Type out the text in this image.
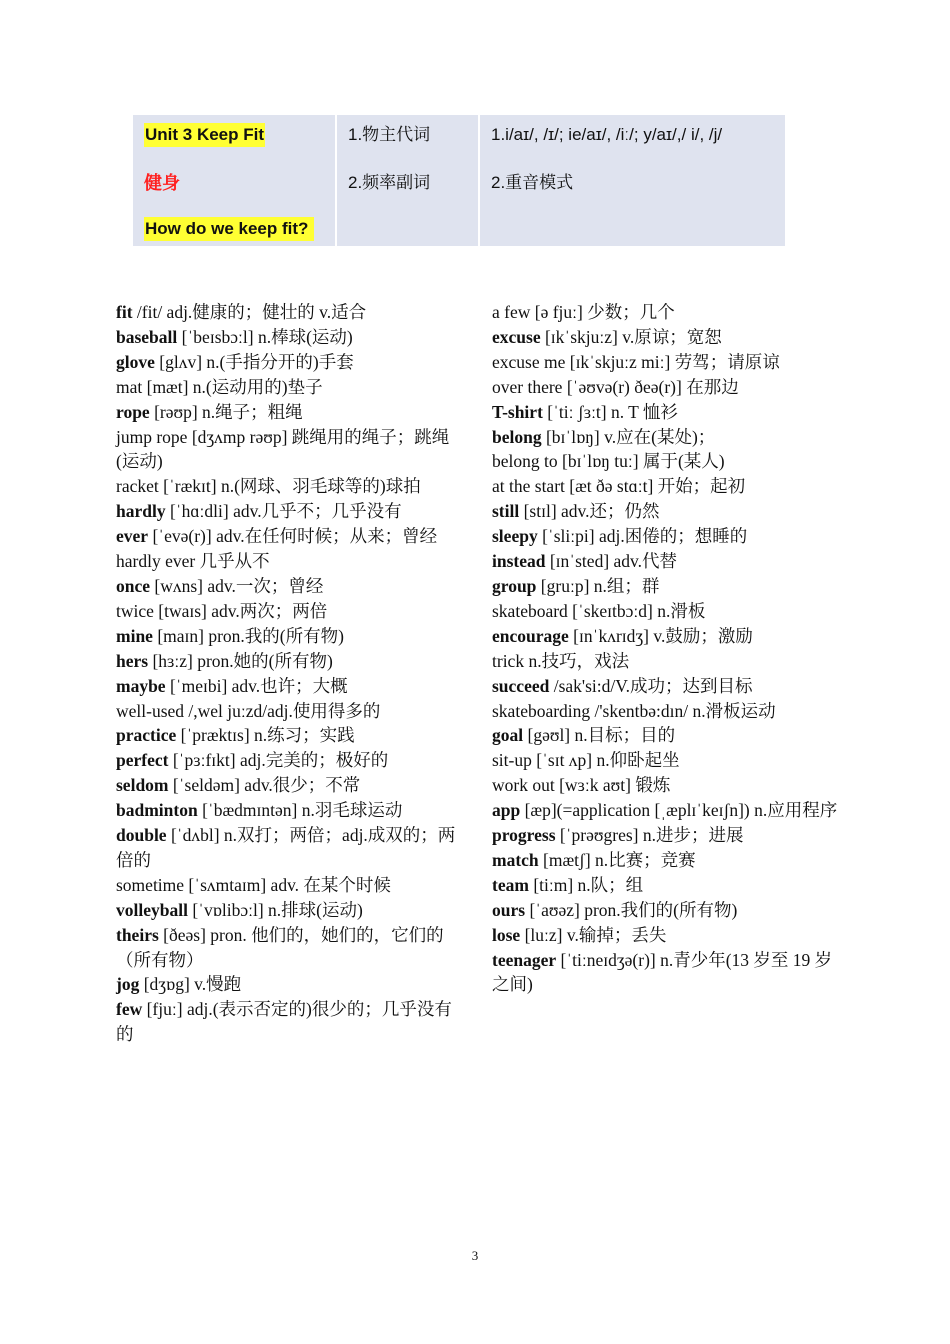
Unit 3 Keep Fit
健身
How do we keep fit?
1.物主代词
2.频率副词
1.i/aɪ/, /ɪ/; ie/aɪ/, /iː/; y/aɪ/,/ i/, /j/
2.重音模式
fit /fit/ adj.健康的；健壮的 v.适合
baseball [ˈbeɪsbɔːl] n.棒球(运动)
glove [glʌv] n.(手指分开的)手套
mat [mæt] n.(运动用的)垫子
rope [rəʊp] n.绳子；粗绳
jump rope [dʒʌmp rəʊp] 跳绳用的绳子；跳绳(运动)
racket [ˈrækɪt] n.(网球、羽毛球等的)球拍
hardly [ˈhɑːdli] adv.几乎不；几乎没有
ever [ˈevə(r)] adv.在任何时候；从来；曾经
hardly ever 几乎从不
once [wʌns] adv.一次；曾经
twice [twaɪs] adv.两次；两倍
mine [maɪn] pron.我的(所有物)
hers [hɜːz] pron.她的(所有物)
maybe [ˈmeɪbi] adv.也许；大概
well-used /,wel juːzd/adj.使用得多的
practice [ˈpræktɪs] n.练习；实践
perfect [ˈpɜːfɪkt] adj.完美的；极好的
seldom [ˈseldəm] adv.很少；不常
badminton [ˈbædmɪntən] n.羽毛球运动
double [ˈdʌbl] n.双打；两倍；adj.成双的；两倍的
sometime [ˈsʌmtaɪm] adv. 在某个时候
volleyball [ˈvɒlibɔːl] n.排球(运动)
theirs [ðeəs] pron. 他们的，她们的，它们的（所有物）
jog [dʒɒg] v.慢跑
few [fjuː] adj.(表示否定的)很少的；几乎没有的
a few [ə fjuː] 少数；几个
excuse [ɪkˈskjuːz] v.原谅；宽恕
excuse me [ɪkˈskjuːz miː] 劳驾；请原谅
over there [ˈəʊvə(r) ðeə(r)] 在那边
T-shirt [ˈtiː ʃɜːt] n. T 恤衫
belong [bɪˈlɒŋ] v.应在(某处)；
belong to [bɪˈlɒŋ tuː] 属于(某人)
at the start [æt ðə stɑːt] 开始；起初
still [stɪl] adv.还；仍然
sleepy [ˈsliːpi] adj.困倦的；想睡的
instead [ɪnˈsted] adv.代替
group [gruːp] n.组；群
skateboard [ˈskeɪtbɔːd] n.滑板
encourage [ɪnˈkʌrɪdʒ] v.鼓励；激励
trick n.技巧，戏法
succeed /sak'si:d/V.成功；达到目标
skateboarding /'skentbə:dın/ n.滑板运动
goal [gəʊl] n.目标；目的
sit-up [ˈsɪt ʌp] n.仰卧起坐
work out [wɜːk aʊt] 锻炼
app [æp](=application [ˌæplɪˈkeɪʃn]) n.应用程序
progress [ˈprəʊgres] n.进步；进展
match [mætʃ] n.比赛；竞赛
team [tiːm] n.队；组
ours [ˈaʊəz] pron.我们的(所有物)
lose [luːz] v.输掉；丢失
teenager [ˈtiːneɪdʒə(r)] n.青少年(13 岁至 19 岁之间)
3
